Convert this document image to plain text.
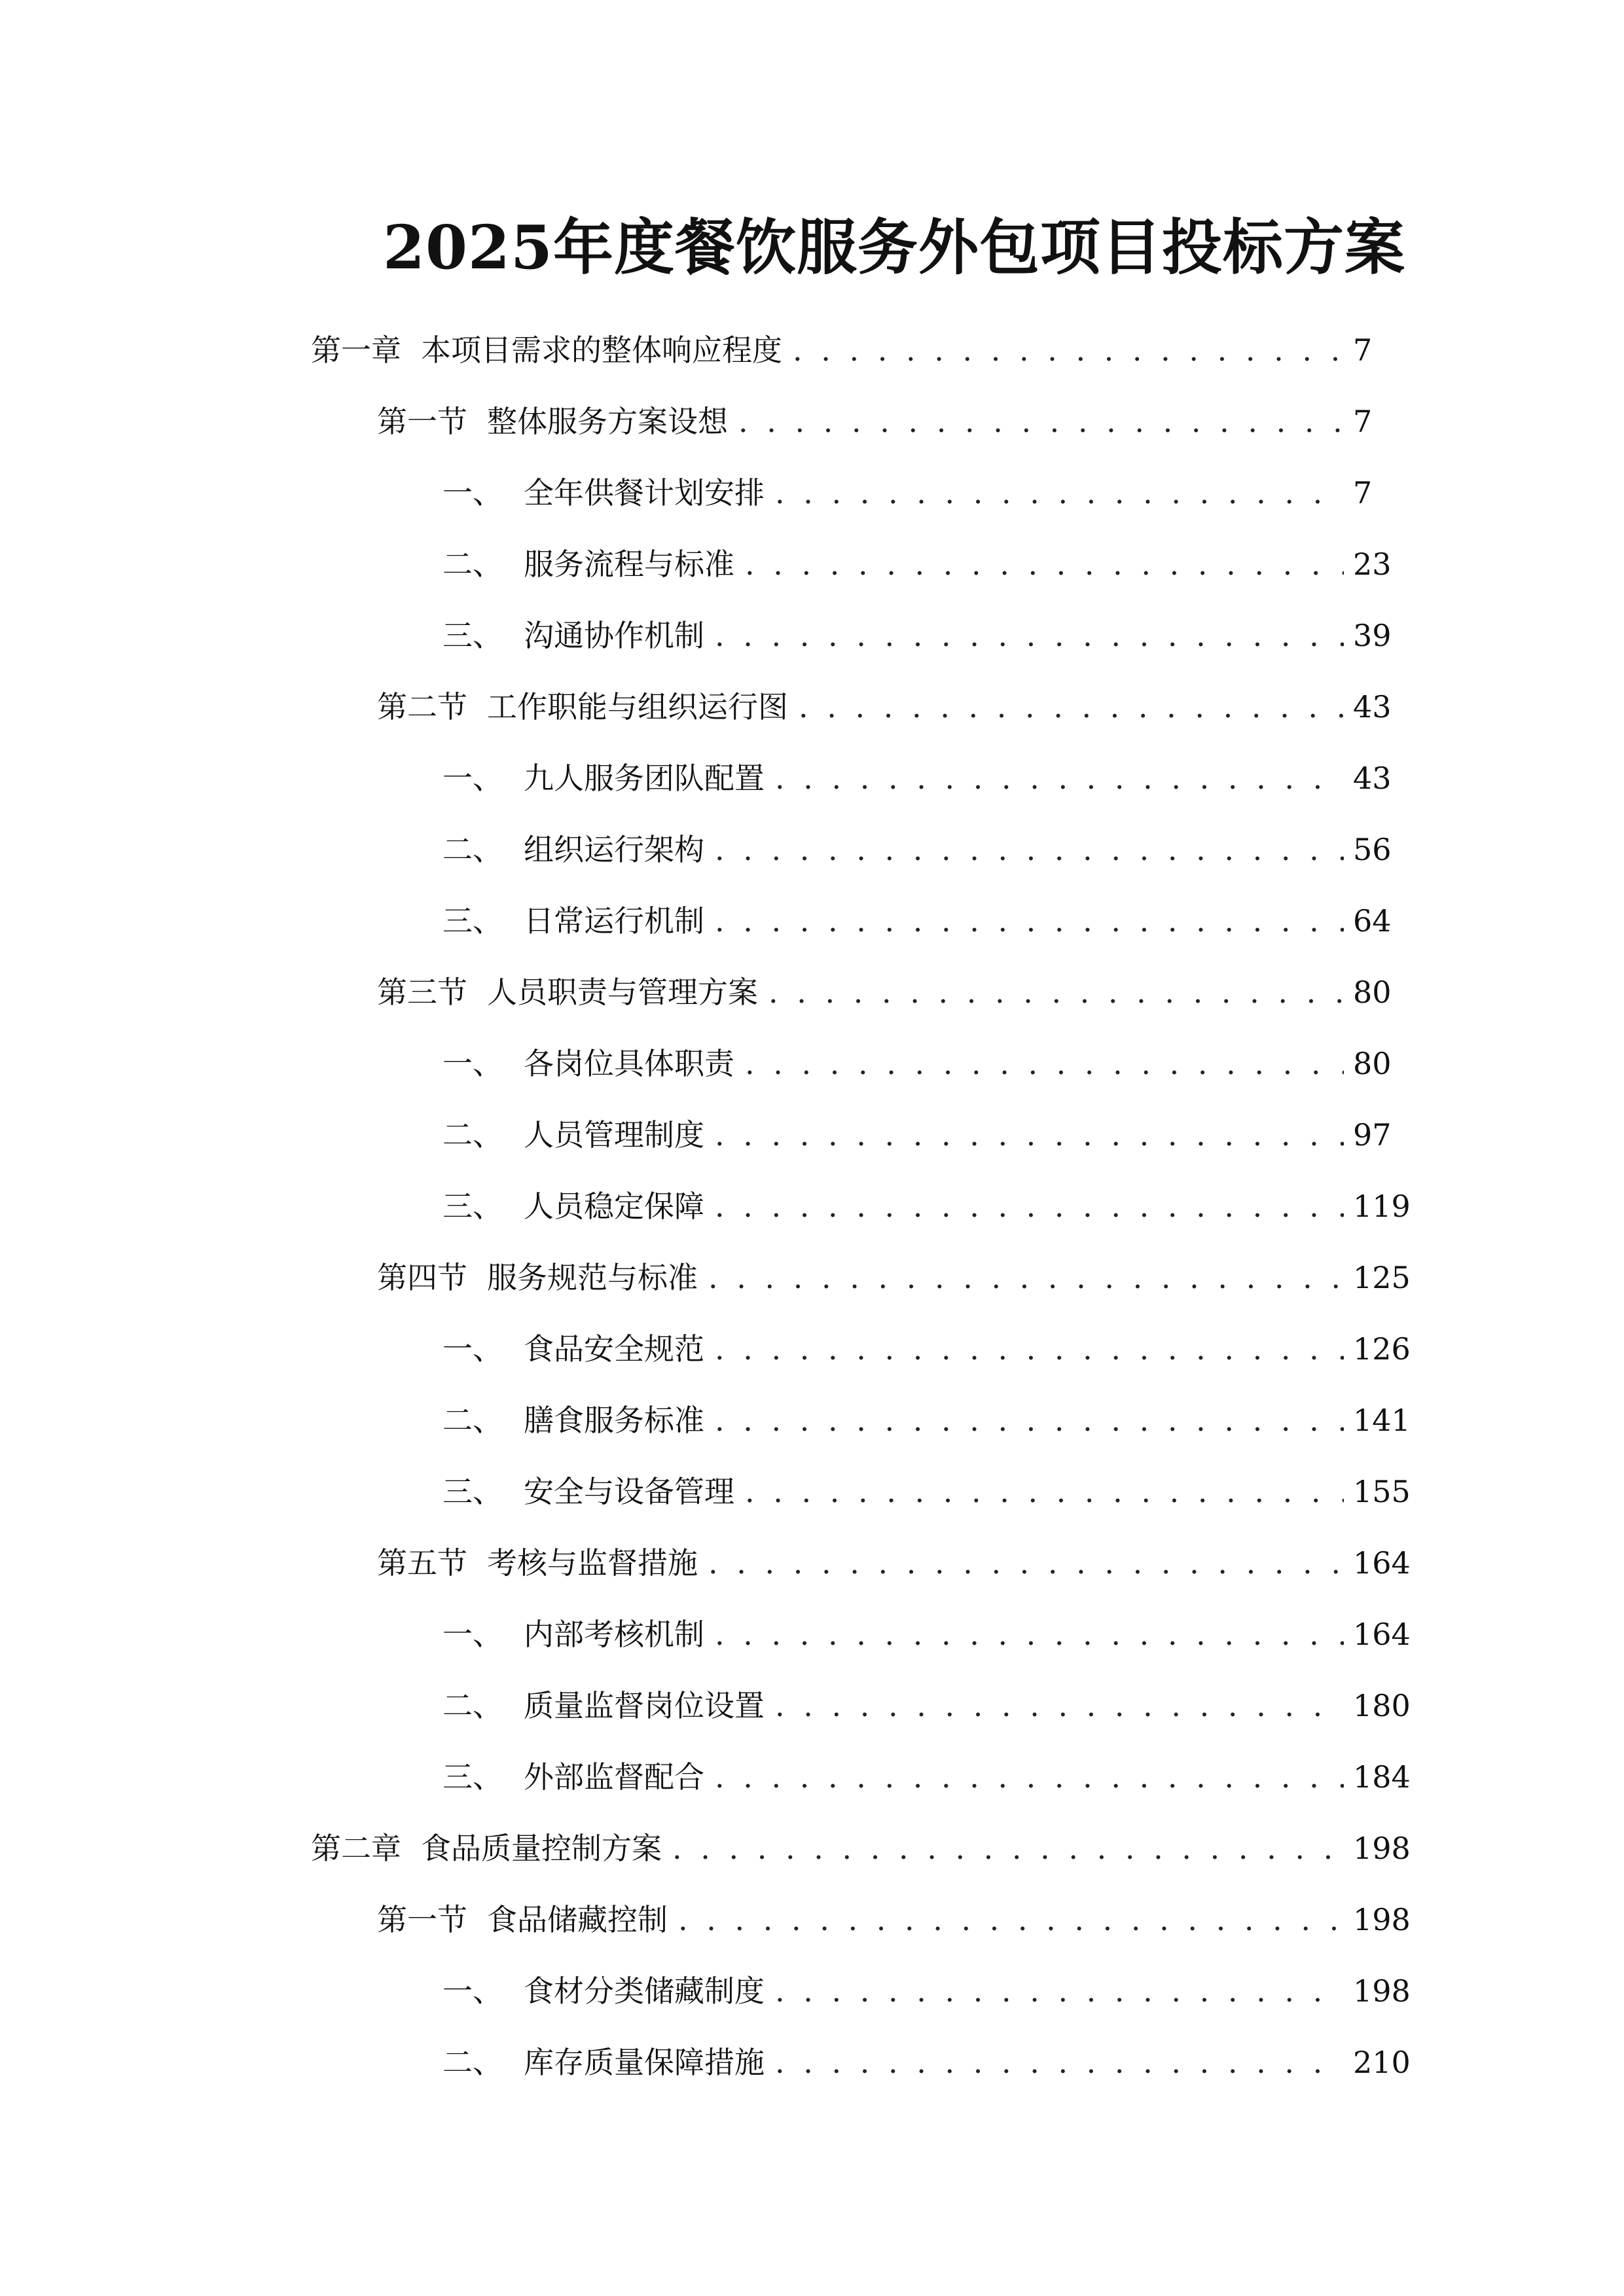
2025年度餐饮服务外包项目投标方案
第一章 本项目需求的整体响应程度 . . .	7
第一节 整体服务方案设想 . . .	7
一、 全年供餐计划安排 . . .	7
二、 服务流程与标准 . . .	23
三、 沟通协作机制 . . .	39
第二节 工作职能与组织运行图 . . .	43
一、 九人服务团队配置 . . .	43
二、 组织运行架构 . . .	56
三、 日常运行机制 . . .	64
第三节 人员职责与管理方案 . . .	80
一、 各岗位具体职责 . . .	80
二、 人员管理制度 . . .	97
三、 人员稳定保障 . . .	119
第四节 服务规范与标准 . . .	125
一、 食品安全规范 . . .	126
二、 膳食服务标准 . . .	141
三、 安全与设备管理 . . .	155
第五节 考核与监督措施 . . .	164
一、 内部考核机制 . . .	164
二、 质量监督岗位设置 . . .	180
三、 外部监督配合 . . .	184
第二章 食品质量控制方案 . . .	198
第一节 食品储藏控制 . . .	198
一、 食材分类储藏制度 . . .	198
二、 库存质量保障措施 . . .	210
